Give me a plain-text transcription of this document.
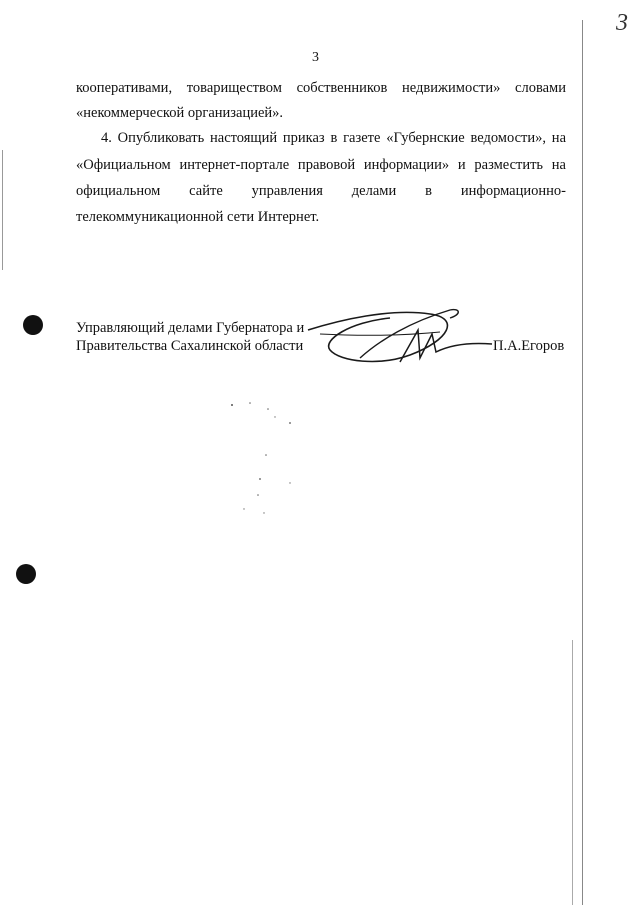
3
3
кооперативами, товариществом собственников недвижимости» словами
«некоммерческой организацией».
4. Опубликовать настоящий приказ в газете «Губернские ведомости», на
«Официальном интернет-портале правовой информации» и разместить на
официальном сайте управления делами в информационно-
телекоммуникационной сети Интернет.
Управляющий делами Губернатора и
Правительства Сахалинской области	П.А.Егоров
